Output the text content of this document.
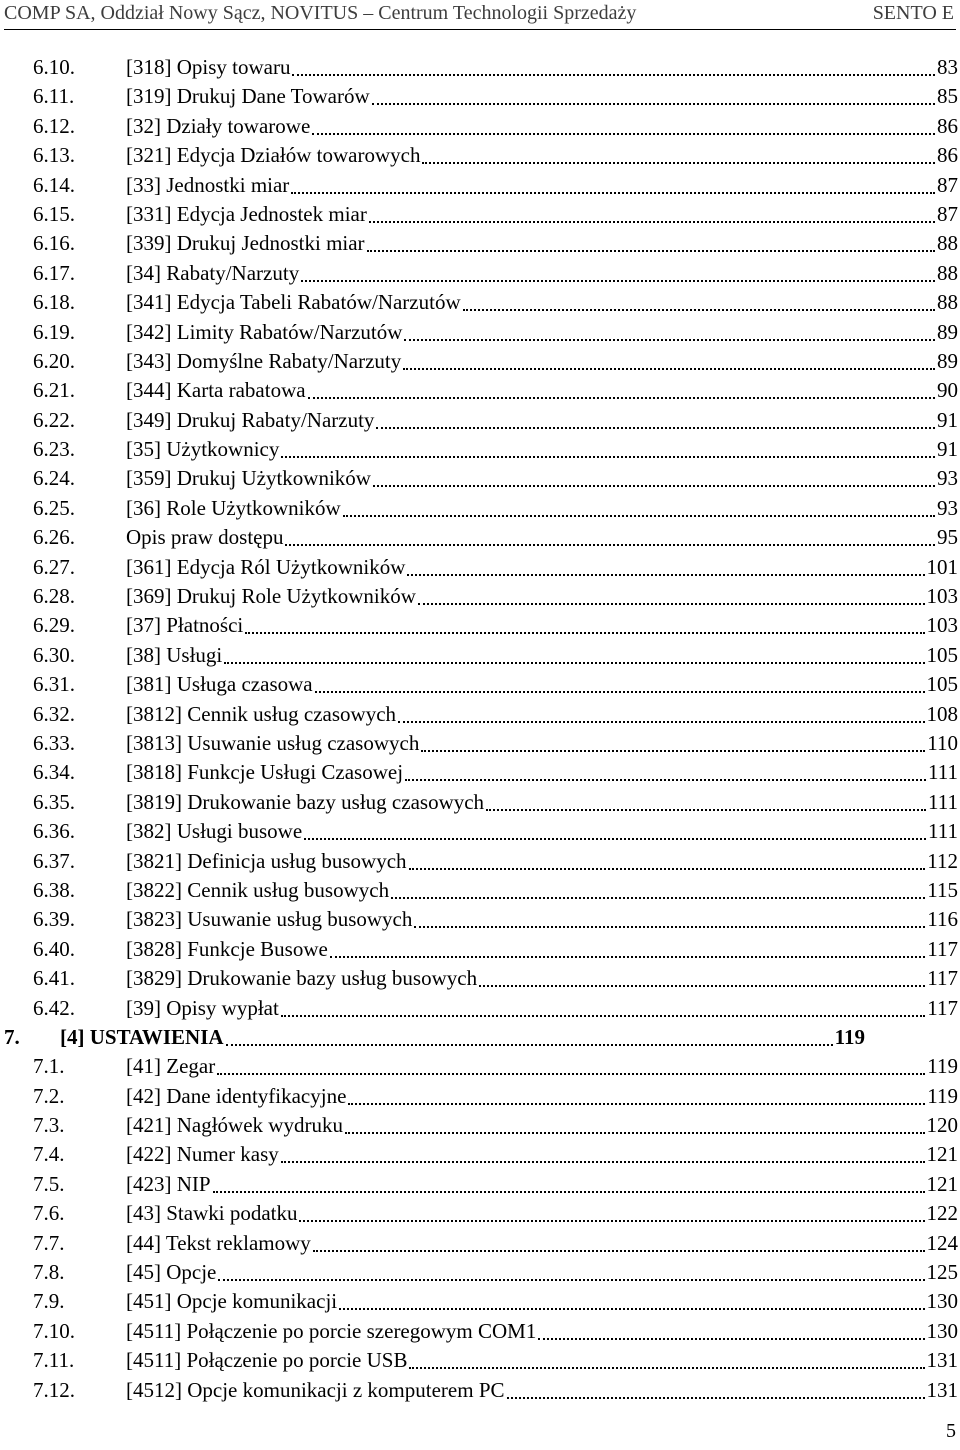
COMP SA, Oddział Nowy Sącz, NOVITUS – Centrum Technologii Sprzedaży	SENTO E
6.10. [318] Opisy towaru	83
6.11. [319] Drukuj Dane Towarów	85
6.12. [32] Działy towarowe	86
6.13. [321] Edycja Działów towarowych	86
6.14. [33] Jednostki miar	87
6.15. [331] Edycja Jednostek miar	87
6.16. [339] Drukuj Jednostki miar	88
6.17. [34] Rabaty/Narzuty	88
6.18. [341] Edycja Tabeli Rabatów/Narzutów	88
6.19. [342] Limity Rabatów/Narzutów	89
6.20. [343] Domyślne Rabaty/Narzuty	89
6.21. [344] Karta rabatowa	90
6.22. [349] Drukuj Rabaty/Narzuty	91
6.23. [35] Użytkownicy	91
6.24. [359] Drukuj Użytkowników	93
6.25. [36] Role Użytkowników	93
6.26. Opis praw dostępu	95
6.27. [361] Edycja Ról Użytkowników	101
6.28. [369] Drukuj Role Użytkowników	103
6.29. [37] Płatności	103
6.30. [38] Usługi	105
6.31. [381] Usługa czasowa	105
6.32. [3812] Cennik usług czasowych	108
6.33. [3813] Usuwanie usług czasowych	110
6.34. [3818] Funkcje Usługi Czasowej	111
6.35. [3819] Drukowanie bazy usług czasowych	111
6.36. [382] Usługi busowe	111
6.37. [3821] Definicja usług busowych	112
6.38. [3822] Cennik usług busowych	115
6.39. [3823] Usuwanie usług busowych	116
6.40. [3828] Funkcje Busowe	117
6.41. [3829] Drukowanie bazy usług busowych	117
6.42. [39] Opisy wypłat	117
7. [4] USTAWIENIA	119
7.1.	[41] Zegar	119
7.2.	[42] Dane identyfikacyjne	119
7.3.	[421] Nagłówek wydruku	120
7.4.	[422] Numer kasy	121
7.5.	[423] NIP	121
7.6.	[43] Stawki podatku	122
7.7.	[44] Tekst reklamowy	124
7.8.	[45] Opcje	125
7.9.	[451] Opcje komunikacji	130
7.10. [4511] Połączenie po porcie szeregowym COM1	130
7.11. [4511] Połączenie po porcie USB	131
7.12. [4512] Opcje komunikacji z komputerem PC	131
5
